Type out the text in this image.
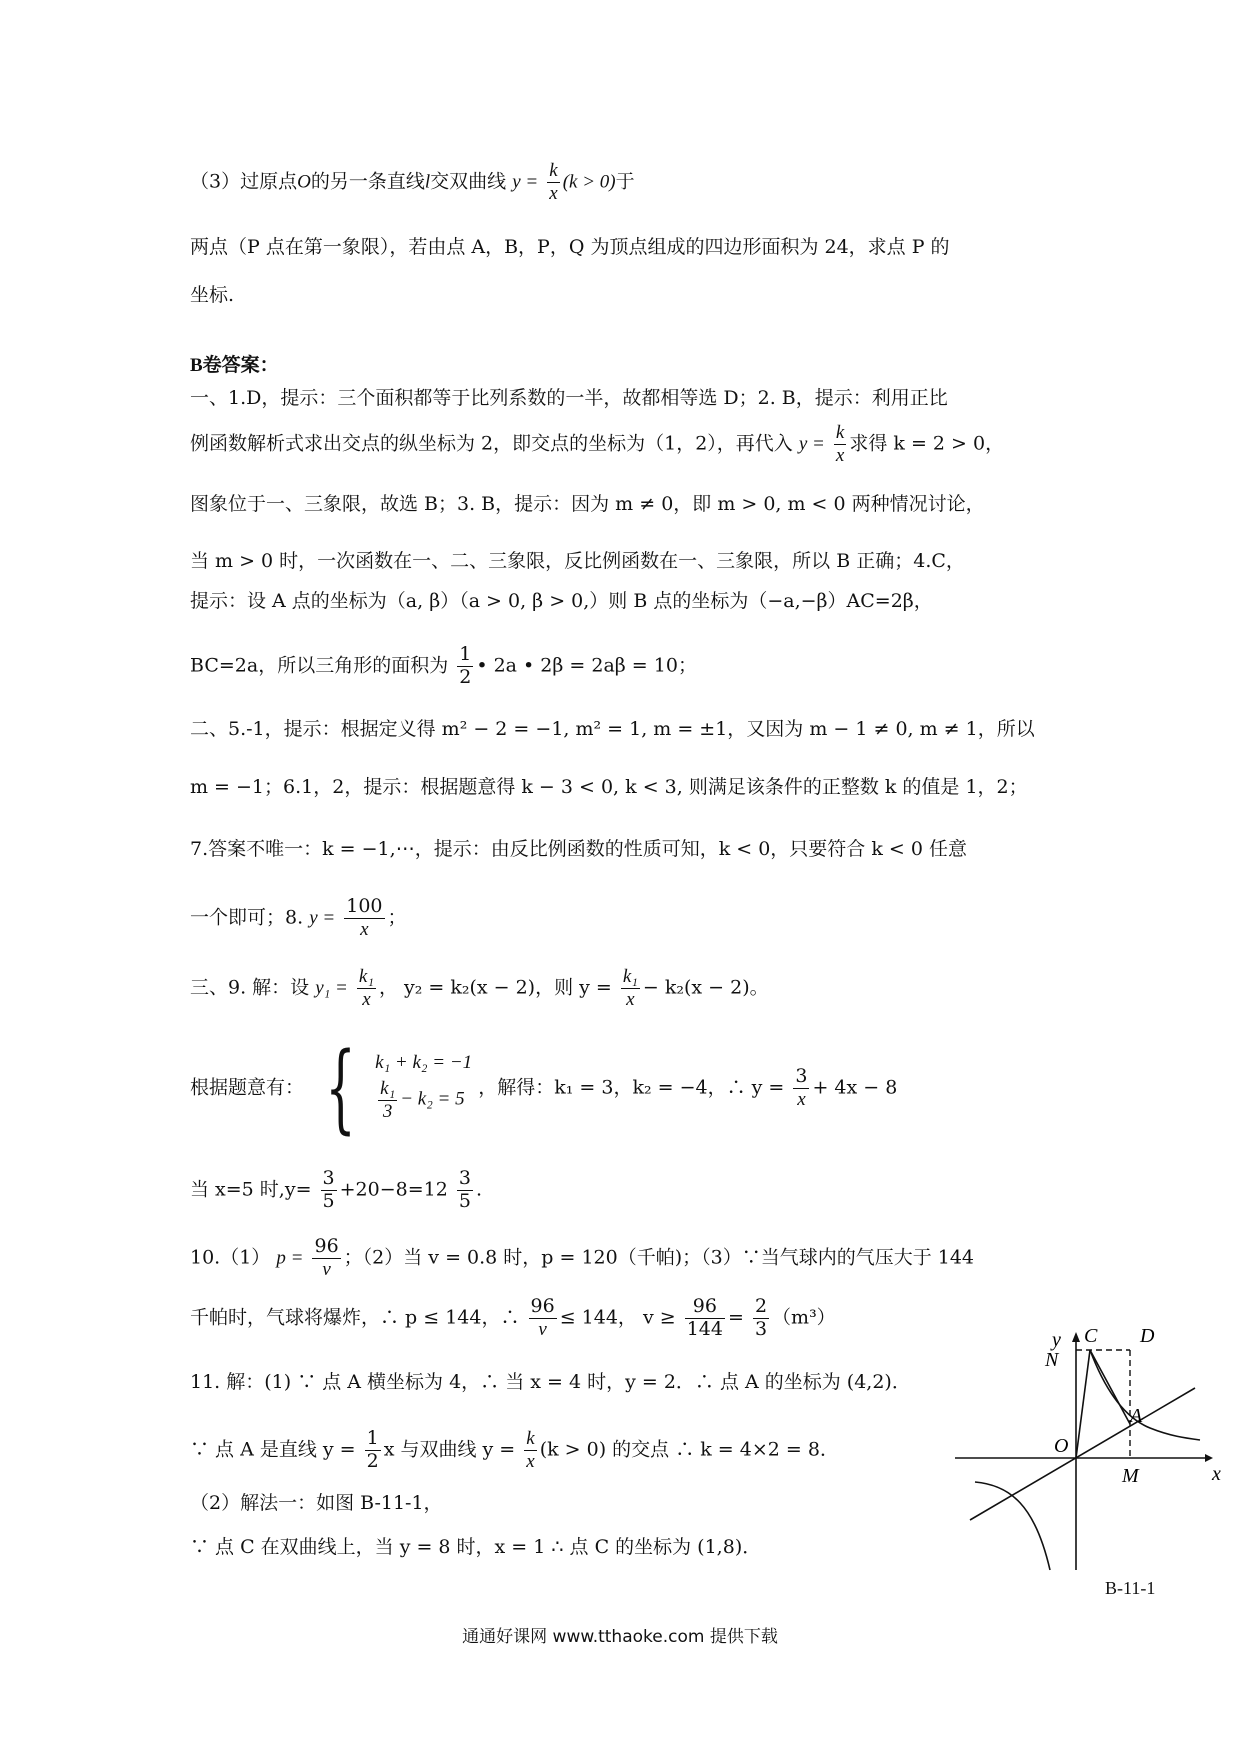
（3）过原点O的另一条直线l交双曲线 $y = \frac{k}{x} (k > 0)$于
两点（P 点在第一象限），若由点 A，B，P，Q 为顶点组成的四边形面积为 24，求点 P 的
坐标.
B卷答案：
一、1.D，提示：三个面积都等于比列系数的一半，故都相等选 D；2. B，提示：利用正比
例函数解析式求出交点的纵坐标为 2，即交点的坐标为（1，2），再代入 $y = \frac{k}{x}$ 求得 k = 2 > 0，
图象位于一、三象限，故选 B；3. B，提示：因为 m ≠ 0，即 m > 0, m < 0 两种情况讨论，
当 m > 0 时，一次函数在一、二、三象限，反比例函数在一、三象限，所以 B 正确；4.C，
提示：设 A 点的坐标为（a, β）（a > 0, β > 0,）则 B 点的坐标为（−a,−β）AC=2β，
BC=2a，所以三角形的面积为 $\frac{1}{2}$ • 2a • 2β = 2aβ = 10；
二、5.-1，提示：根据定义得 m² − 2 = −1, m² = 1, m = ±1，又因为 m − 1 ≠ 0, m ≠ 1，所以
m = −1；6.1，2，提示：根据题意得 k − 3 < 0, k < 3, 则满足该条件的正整数 k 的值是 1，2；
7.答案不唯一：k = −1,⋯，提示：由反比例函数的性质可知，k < 0，只要符合 k < 0 任意
一个即可；8. $y = \frac{100}{x}$ ；
三、9. 解：设 $y_1 = \frac{\text{k₁}}{x}$ ， y₂ = k₂(x − 2)，则 $y = \frac{\text{k₁}}{x} - k_2(x - 2)$。
根据题意有： { k₁ + k₂ = −1
$\frac{\text{k₁}}{3} - k_2 = 5$
，解得：k₁ = 3，k₂ = −4，∴ $y = \frac{3}{x} + 4x - 8$
当 x=5 时$,y= \frac{3}{5} +20-8=12 \frac{3}{5}$ .
10.（1） $p = \frac{96}{v}$ ；（2）当 v = 0.8 时，p = 120（千帕)；（3）∵当气球内的气压大于 144
千帕时，气球将爆炸，∴ p ≤ 144，∴ $\frac{96}{v} \le 144$， $v \ge \frac{96}{144} = \frac{2}{3} (m^3)$
11. 解：(1) ∵ 点 A 横坐标为 4，∴ 当 x = 4 时，y = 2．∴ 点 A 的坐标为 (4,2)．
∵ 点 A 是直线 $y = \frac{1}{2}$ x 与双曲线 $y = \frac{k}{x} (k > 0)$ 的交点 ∴ k = 4×2 = 8．
（2）解法一：如图 B-11-1，
∵ 点 C 在双曲线上，当 y = 8 时，x = 1 ∴ 点 C 的坐标为 (1,8)．
y
x
C D
N
A
O
M
B-11-1
通通好课网 www.tthaoke.com 提供下载
